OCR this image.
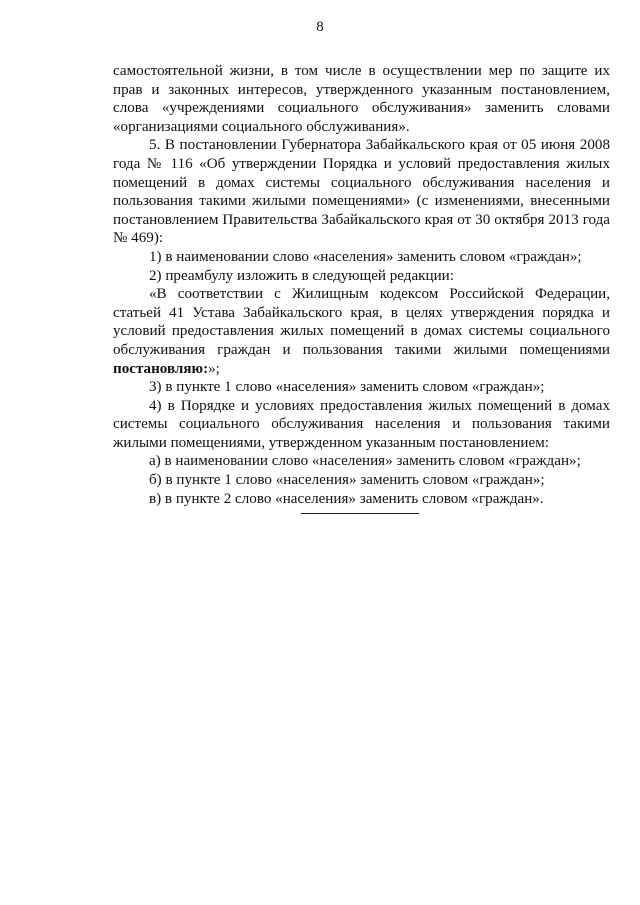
8

самостоятельной жизни, в том числе в осуществлении мер по защите их прав и законных интересов, утвержденного указанным постановлением, слова «учреждениями социального обслуживания» заменить словами «организациями социального обслуживания».

5. В постановлении Губернатора Забайкальского края от 05 июня 2008 года № 116 «Об утверждении Порядка и условий предоставления жилых помещений в домах системы социального обслуживания населения и пользования такими жилыми помещениями» (с изменениями, внесенными постановлением Правительства Забайкальского края от 30 октября 2013 года № 469):

1) в наименовании слово «населения» заменить словом «граждан»;

2) преамбулу изложить в следующей редакции:

«В соответствии с Жилищным кодексом Российской Федерации, статьей 41 Устава Забайкальского края, в целях утверждения порядка и условий предоставления жилых помещений в домах системы социального обслуживания граждан и пользования такими жилыми помещениями постановляю:»;

3) в пункте 1 слово «населения» заменить словом «граждан»;

4) в Порядке и условиях предоставления жилых помещений в домах системы социального обслуживания населения и пользования такими жилыми помещениями, утвержденном указанным постановлением:

а) в наименовании слово «населения» заменить словом «граждан»;

б) в пункте 1 слово «населения» заменить словом «граждан»;

в) в пункте 2 слово «населения» заменить словом «граждан».
